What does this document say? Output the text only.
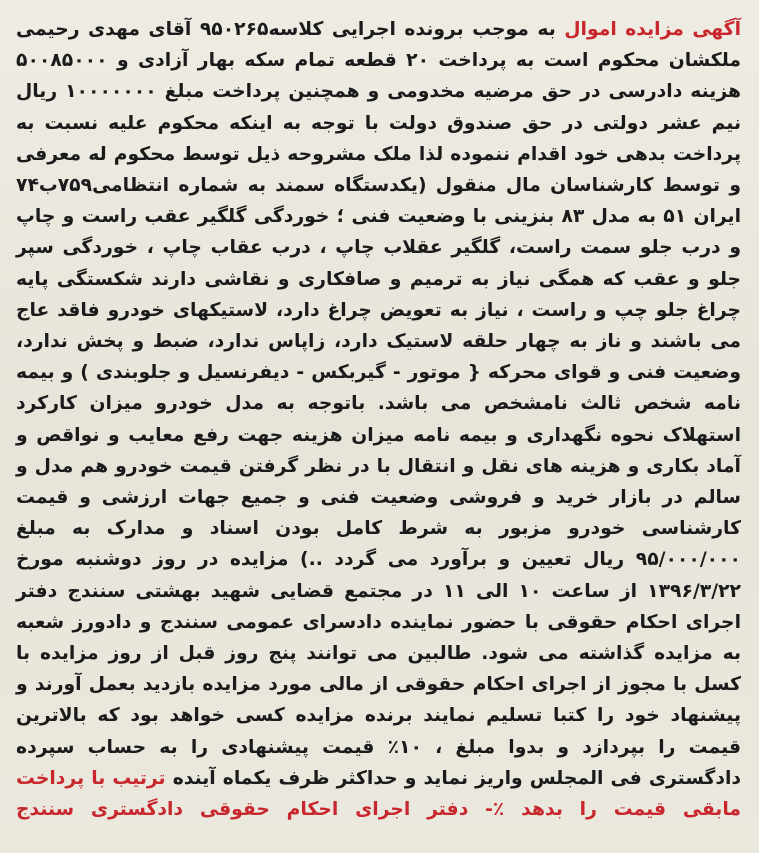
آگهی مزایده اموال به موجب برونده اجرایی کلاسه۹۵۰۲۶۵ آقای مهدی رحیمی ملکشان محکوم است به پرداخت ۲۰ قطعه تمام سکه بهار آزادی و ۵۰۰۸۵۰۰۰ هزینه دادرسی در حق مرضیه مخدومی و همچنین پرداخت مبلغ ۱۰۰۰۰۰۰۰ ریال نیم عشر دولتی در حق صندوق دولت با توجه به اینکه محکوم علیه نسبت به پرداخت بدهی خود اقدام ننموده لذا ملک مشروحه ذیل توسط محکوم له معرفی و توسط کارشناسان مال منقول (یکدستگاه سمند به شماره انتظامی۷۵۹ب۷۴ ایران ۵۱ به مدل ۸۳ بنزینی با وضعیت فنی ؛ خوردگی گلگیر عقب راست و چاپ و درب جلو سمت راست، گلگیر عقلاب چاپ ، درب عقاب چاپ ، خوردگی سپر جلو و عقب که همگی نیاز به ترمیم و صافکاری و نقاشی دارند شکستگی پایه چراغ جلو چپ و راست ، نیاز به تعویض چراغ دارد، لاستیکهای خودرو فاقد عاج می باشند و ناز به چهار حلقه لاستیک دارد، زاپاس ندارد، ضبط و پخش ندارد، وضعیت فنی و قوای محرکه { موتور - گیربکس - دیفرنسیل و جلوبندی ) و بیمه نامه شخص ثالث نامشخص می باشد. باتوجه به مدل خودرو میزان کارکرد استهلاک نحوه نگهداری و بیمه نامه میزان هزینه جهت رفع معایب و نواقص و آماد بکاری و هزینه های نقل و انتقال با در نظر گرفتن قیمت خودرو هم مدل و سالم در بازار خرید و فروشی وضعیت فنی و جمیع جهات ارزشی و قیمت کارشناسی خودرو مزبور به شرط کامل بودن اسناد و مدارک به مبلغ ۹۵/۰۰۰/۰۰۰ ریال تعیین و برآورد می گردد ..) مزایده در روز دوشنبه مورخ ۱۳۹۶/۳/۲۲ از ساعت ۱۰ الی ۱۱ در مجتمع قضایی شهید بهشتی سنندج دفتر اجرای احکام حقوقی با حضور نماینده دادسرای عمومی سنندج و دادورز شعبه به مزایده گذاشته می شود. طالبین می توانند پنج روز قبل از روز مزایده با کسل با مجوز از اجرای احکام حقوقی از مالی مورد مزایده بازدید بعمل آورند و پیشنهاد خود را کتبا تسلیم نمایند برنده مزایده کسی خواهد بود که بالاترین قیمت را بپردازد و بدوا مبلغ ، ۱۰٪ قیمت پیشنهادی را به حساب سپرده دادگستری فی المجلس واریز نماید و حداکثر ظرف یکماه آینده ترتیب با پرداخت مابقی قیمت را بدهد ٪- دفتر اجرای احکام حقوقی دادگستری سنندج
